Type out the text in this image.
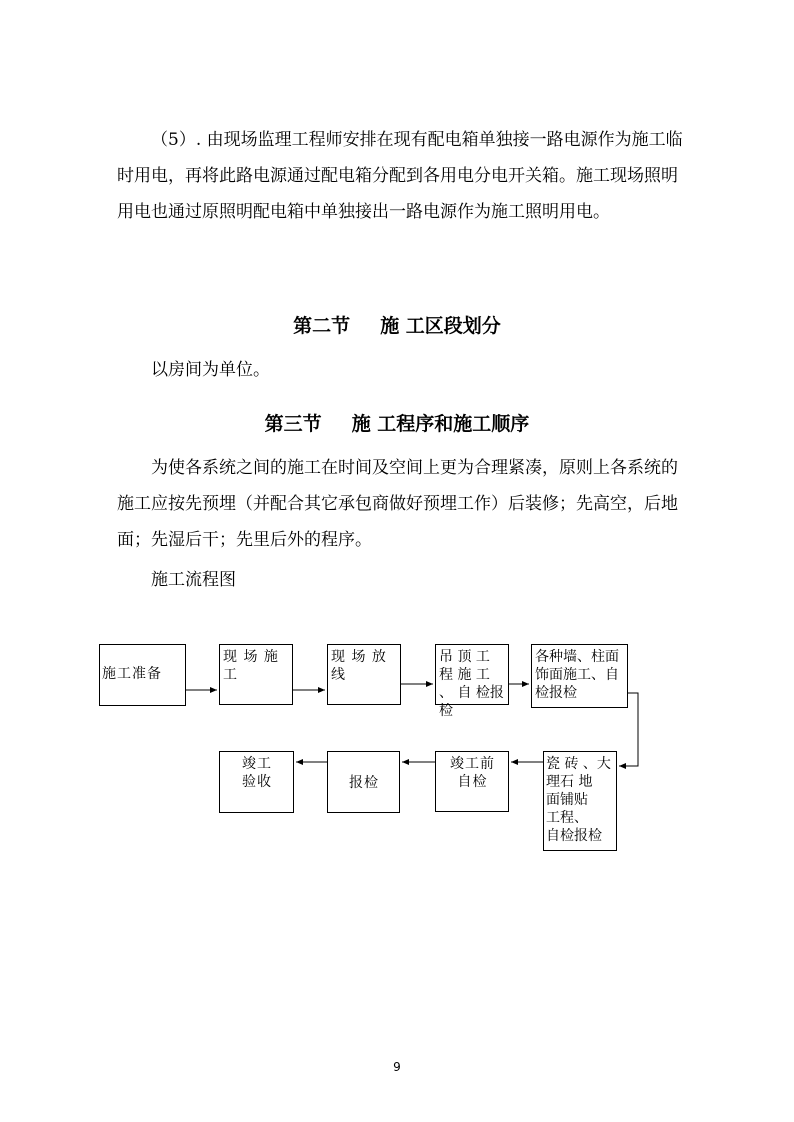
（5）. 由现场监理工程师安排在现有配电箱单独接一路电源作为施工临时用电，再将此路电源通过配电箱分配到各用电分电开关箱。施工现场照明用电也通过原照明配电箱中单独接出一路电源作为施工照明用电。

第二节 施 工区段划分

以房间为单位。

第三节 施 工程序和施工顺序

为使各系统之间的施工在时间及空间上更为合理紧凑，原则上各系统的施工应按先预埋（并配合其它承包商做好预埋工作）后装修；先高空，后地面；先湿后干；先里后外的程序。

施工流程图

施工准备
现 场 施 工
现 场 放 线
吊 顶 工 程 施 工 、 自 检报检
各种墙、柱面饰面施工、自检报检
瓷 砖 、大
理石 地
面铺贴
工程、
自检报检
竣工前
自检
报检
竣工
验收
9
